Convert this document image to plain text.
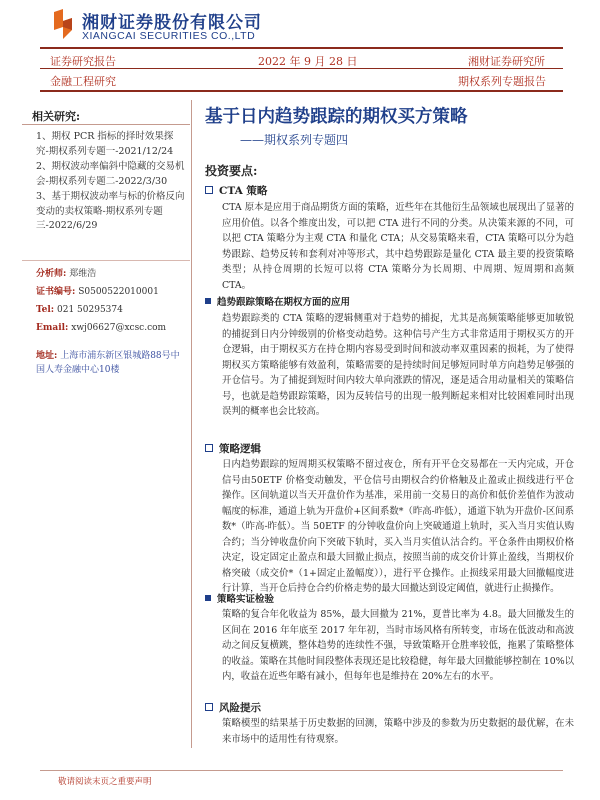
湘财证券股份有限公司
XIANGCAI SECURITIES CO.,LTD
证券研究报告	2022 年 9 月 28 日	湘财证券研究所
金融工程研究	期权系列专题报告
相关研究:
1、期权 PCR 指标的择时效果探究-期权系列专题一-2021/12/24
2、期权波动率偏斜中隐藏的交易机会-期权系列专题二-2022/3/30
3、基于期权波动率与标的价格反向变动的卖权策略-期权系列专题三-2022/6/29
分析师: 郑维浩
证书编号: S0500522010001
Tel: 021 50295374
Email: xwj06627@xcsc.com
地址: 上海市浦东新区银城路88号中国人寿金融中心10楼
基于日内趋势跟踪的期权买方策略
——期权系列专题四
投资要点:
CTA 策略
CTA 原本是应用于商品期货方面的策略，近些年在其他衍生品领域也展现出了显著的应用价值。以各个维度出发，可以把 CTA 进行不同的分类。从决策来源的不同，可以把 CTA 策略分为主观 CTA 和量化 CTA；从交易策略来看，CTA 策略可以分为趋势跟踪、趋势反转和套利对冲等形式，其中趋势跟踪是量化 CTA 最主要的投资策略类型；从持仓周期的长短可以将 CTA 策略分为长周期、中周期、短周期和高频 CTA。
趋势跟踪策略在期权方面的应用
趋势跟踪类的 CTA 策略的逻辑侧重对于趋势的捕捉，尤其是高频策略能够更加敏锐的捕捉到日内分钟级别的价格变动趋势。这种信号产生方式非常适用于期权买方的开仓逻辑，由于期权买方在持仓期内容易受到时间和波动率双重因素的损耗，为了使得期权买方策略能够有效盈利，策略需要的是持续时间足够短同时单方向趋势足够强的开仓信号。为了捕捉到短时间内较大单向涨跌的情况，逐是适合用动量相关的策略信号，也就是趋势跟踪策略，因为反转信号的出现一般判断起来相对比较困难同时出现误判的概率也会比较高。
策略逻辑
日内趋势跟踪的短周期买权策略不留过夜仓，所有开平仓交易都在一天内完成，开仓信号由50ETF 价格变动触发，平仓信号由期权合约价格触及止盈或止损线进行平仓操作。区间轨道以当天开盘价作为基准，采用前一交易日的高价和低价差值作为波动幅度的标准，通道上轨为开盘价+区间系数*（昨高-昨低），通道下轨为开盘价-区间系数*（昨高-昨低）。当 50ETF 的分钟收盘价向上突破通道上轨时，买入当月实值认购合约；当分钟收盘价向下突破下轨时，买入当月实值认沽合约。平仓条件由期权价格决定，设定固定止盈点和最大回撤止损点，按照当前的成交价计算止盈线，当期权价格突破（成交价*（1+固定止盈幅度）），进行平仓操作。止损线采用最大回撤幅度进行计算，当开仓后持仓合约价格走势的最大回撤达到设定阈值，就进行止损操作。
策略实证检验
策略的复合年化收益为 85%，最大回撤为 21%，夏普比率为 4.8。最大回撤发生的区间在 2016 年年底至 2017 年年初，当时市场风格有所转变，市场在低波动和高波动之间反复横跳，整体趋势的连续性不强，导致策略开仓胜率较低，拖累了策略整体的收益。策略在其他时间段整体表现还是比较稳健，每年最大回撤能够控制在 10%以内，收益在近些年略有减小，但每年也是维持在 20%左右的水平。
风险提示
策略模型的结果基于历史数据的回测，策略中涉及的参数为历史数据的最优解，在未来市场中的适用性有待观察。
敬请阅读末页之重要声明
